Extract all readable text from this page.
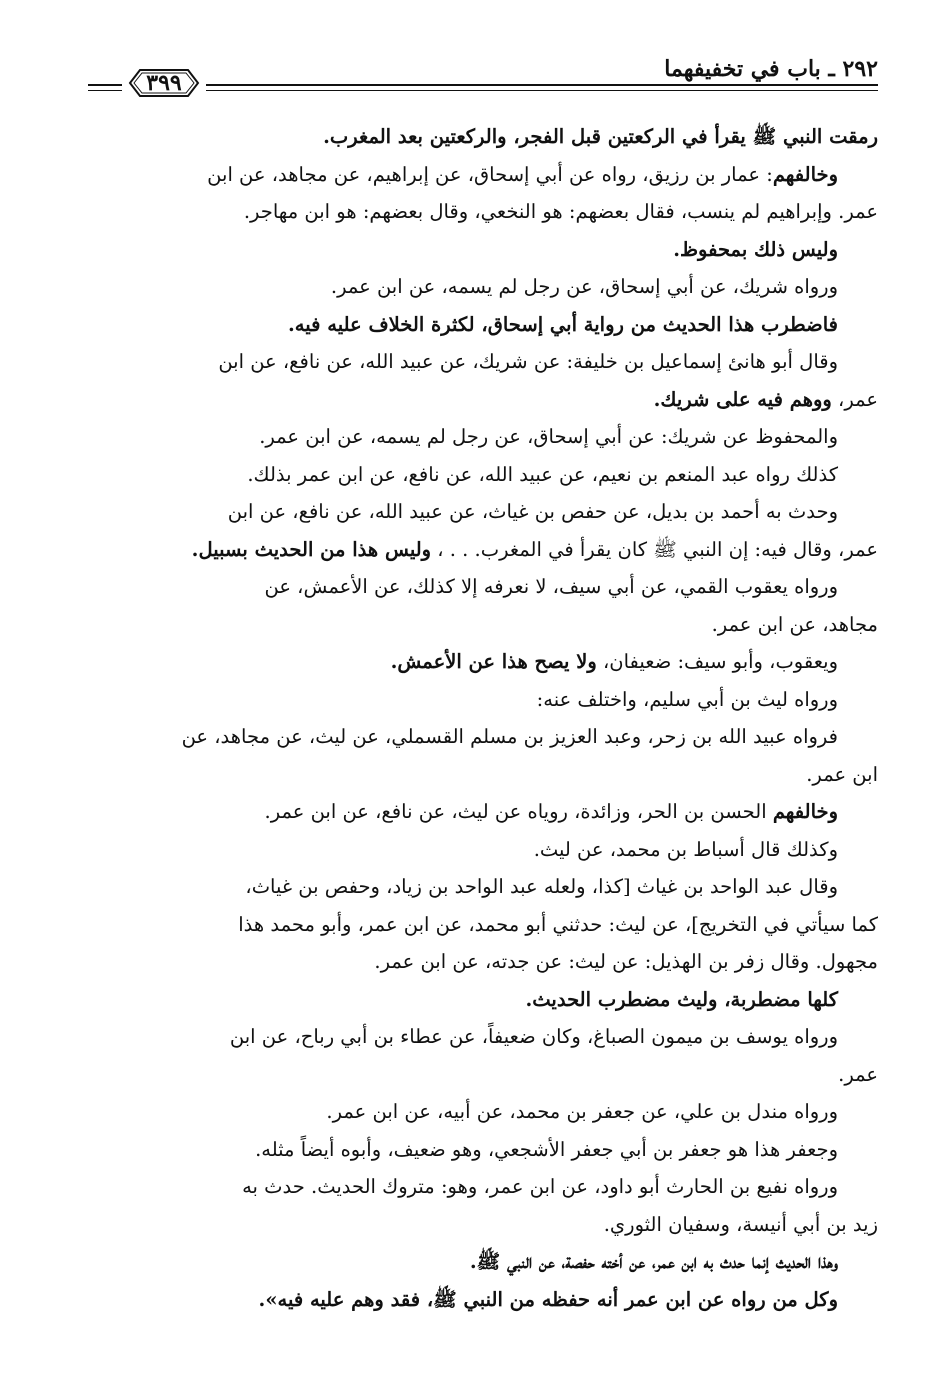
٢٩٢ ـ باب في تخفيفهما
٣٩٩
رمقت النبي ﷺ يقرأ في الركعتين قبل الفجر، والركعتين بعد المغرب.
وخالفهم: عمار بن رزيق، رواه عن أبي إسحاق، عن إبراهيم، عن مجاهد، عن ابن
عمر. وإبراهيم لم ينسب، فقال بعضهم: هو النخعي، وقال بعضهم: هو ابن مهاجر.
وليس ذلك بمحفوظ.
ورواه شريك، عن أبي إسحاق، عن رجل لم يسمه، عن ابن عمر.
فاضطرب هذا الحديث من رواية أبي إسحاق، لكثرة الخلاف عليه فيه.
وقال أبو هانئ إسماعيل بن خليفة: عن شريك، عن عبيد الله، عن نافع، عن ابن
عمر، ووهم فيه على شريك.
والمحفوظ عن شريك: عن أبي إسحاق، عن رجل لم يسمه، عن ابن عمر.
كذلك رواه عبد المنعم بن نعيم، عن عبيد الله، عن نافع، عن ابن عمر بذلك.
وحدث به أحمد بن بديل، عن حفص بن غياث، عن عبيد الله، عن نافع، عن ابن
عمر، وقال فيه: إن النبي ﷺ كان يقرأ في المغرب. . . ، وليس هذا من الحديث بسبيل.
ورواه يعقوب القمي، عن أبي سيف، لا نعرفه إلا كذلك، عن الأعمش، عن
مجاهد، عن ابن عمر.
ويعقوب، وأبو سيف: ضعيفان، ولا يصح هذا عن الأعمش.
ورواه ليث بن أبي سليم، واختلف عنه:
فرواه عبيد الله بن زحر، وعبد العزيز بن مسلم القسملي، عن ليث، عن مجاهد، عن
ابن عمر.
وخالفهم الحسن بن الحر، وزائدة، روياه عن ليث، عن نافع، عن ابن عمر.
وكذلك قال أسباط بن محمد، عن ليث.
وقال عبد الواحد بن غياث [كذا، ولعله عبد الواحد بن زياد، وحفص بن غياث،
كما سيأتي في التخريج]، عن ليث: حدثني أبو محمد، عن ابن عمر، وأبو محمد هذا
مجهول. وقال زفر بن الهذيل: عن ليث: عن جدته، عن ابن عمر.
كلها مضطربة، وليث مضطرب الحديث.
ورواه يوسف بن ميمون الصباغ، وكان ضعيفاً، عن عطاء بن أبي رباح، عن ابن
عمر.
ورواه مندل بن علي، عن جعفر بن محمد، عن أبيه، عن ابن عمر.
وجعفر هذا هو جعفر بن أبي جعفر الأشجعي، وهو ضعيف، وأبوه أيضاً مثله.
ورواه نفيع بن الحارث أبو داود، عن ابن عمر، وهو: متروك الحديث. حدث به
زيد بن أبي أنيسة، وسفيان الثوري.
وهذا الحديث إنما حدث به ابن عمر، عن أخته حفصة، عن النبي ﷺ.
وكل من رواه عن ابن عمر أنه حفظه من النبي ﷺ، فقد وهم عليه فيه».
